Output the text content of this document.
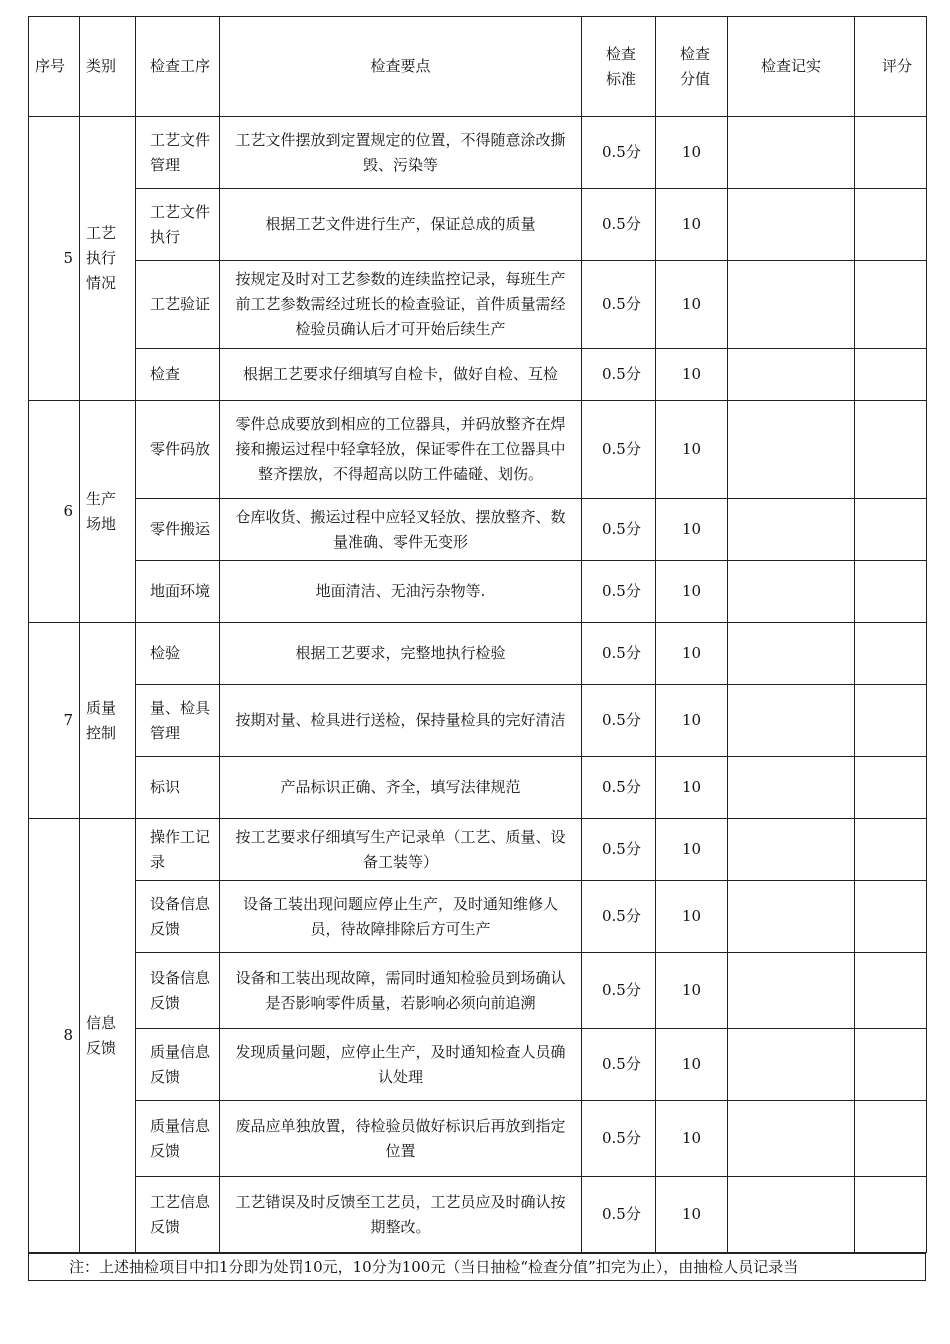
序号	类别	检查工序	检查要点	检查标准	检查分值	检查记实	评分
5	工艺执行情况	工艺文件管理	工艺文件摆放到定置规定的位置，不得随意涂改撕毁、污染等	0.5分	10		
		工艺文件执行	根据工艺文件进行生产，保证总成的质量	0.5分	10		
		工艺验证	按规定及时对工艺参数的连续监控记录，每班生产前工艺参数需经过班长的检查验证，首件质量需经检验员确认后才可开始后续生产	0.5分	10		
		检查	根据工艺要求仔细填写自检卡，做好自检、互检	0.5分	10		
6	生产场地	零件码放	零件总成要放到相应的工位器具，并码放整齐在焊接和搬运过程中轻拿轻放，保证零件在工位器具中整齐摆放，不得超高以防工件磕碰、划伤。	0.5分	10		
		零件搬运	仓库收货、搬运过程中应轻叉轻放、摆放整齐、数量准确、零件无变形	0.5分	10		
		地面环境	地面清洁、无油污杂物等.	0.5分	10		
7	质量控制	检验	根据工艺要求，完整地执行检验	0.5分	10		
		量、检具管理	按期对量、检具进行送检，保持量检具的完好清洁	0.5分	10		
		标识	产品标识正确、齐全，填写法律规范	0.5分	10		
8	信息反馈	操作工记录	按工艺要求仔细填写生产记录单（工艺、质量、设备工装等）	0.5分	10		
		设备信息反馈	设备工装出现问题应停止生产，及时通知维修人员，待故障排除后方可生产	0.5分	10		
		设备信息反馈	设备和工装出现故障，需同时通知检验员到场确认是否影响零件质量，若影响必须向前追溯	0.5分	10		
		质量信息反馈	发现质量问题，应停止生产，及时通知检查人员确认处理	0.5分	10		
		质量信息反馈	废品应单独放置，待检验员做好标识后再放到指定位置	0.5分	10		
		工艺信息反馈	工艺错误及时反馈至工艺员，工艺员应及时确认按期整改。	0.5分	10		
注：上述抽检项目中扣1分即为处罚10元，10分为100元（当日抽检“检查分值”扣完为止），由抽检人员记录当
